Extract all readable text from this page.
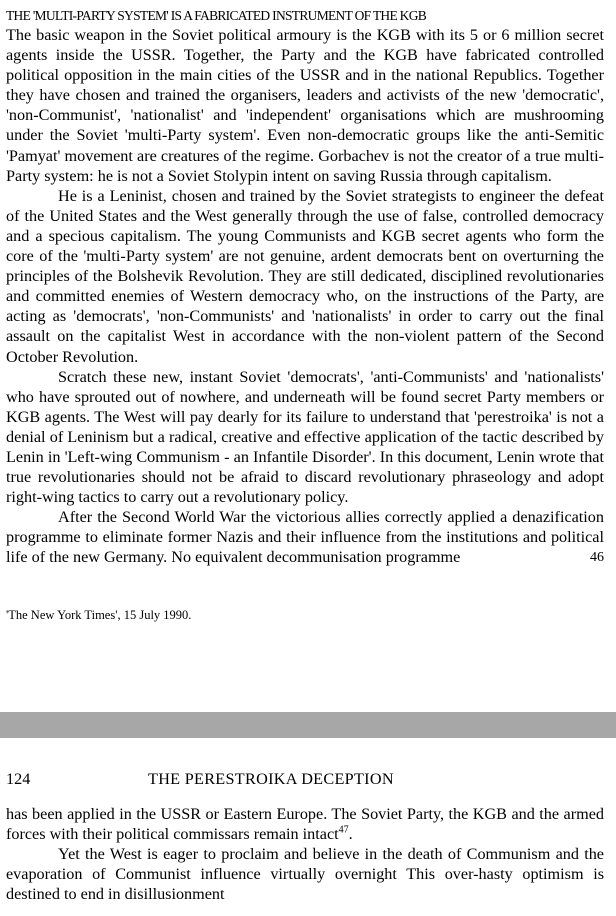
THE 'MULTI-PARTY SYSTEM' IS A FABRICATED INSTRUMENT OF THE KGB

The basic weapon in the Soviet political armoury is the KGB with its 5 or 6 million secret agents inside the USSR. Together, the Party and the KGB have fabricated controlled political opposition in the main cities of the USSR and in the national Republics. Together they have chosen and trained the organisers, leaders and activists of the new 'democratic', 'non-Communist', 'nationalist' and 'independent' organisations which are mushrooming under the Soviet 'multi-Party system'. Even non-democratic groups like the anti-Semitic 'Pamyat' movement are creatures of the regime. Gorbachev is not the creator of a true multi-Party system: he is not a Soviet Stolypin intent on saving Russia through capitalism.

He is a Leninist, chosen and trained by the Soviet strategists to engineer the defeat of the United States and the West generally through the use of false, controlled democracy and a specious capitalism. The young Communists and KGB secret agents who form the core of the 'multi-Party system' are not genuine, ardent democrats bent on overturning the principles of the Bolshevik Revolution. They are still dedicated, disciplined revolutionaries and committed enemies of Western democracy who, on the instructions of the Party, are acting as 'democrats', 'non-Communists' and 'nationalists' in order to carry out the final assault on the capitalist West in accordance with the non-violent pattern of the Second October Revolution.

Scratch these new, instant Soviet 'democrats', 'anti-Communists' and 'nationalists' who have sprouted out of nowhere, and underneath will be found secret Party members or KGB agents. The West will pay dearly for its failure to understand that 'perestroika' is not a denial of Leninism but a radical, creative and effective application of the tactic described by Lenin in 'Left-wing Communism - an Infantile Disorder'. In this document, Lenin wrote that true revolutionaries should not be afraid to discard revolutionary phraseology and adopt right-wing tactics to carry out a revolutionary policy.

After the Second World War the victorious allies correctly applied a denazification programme to eliminate former Nazis and their influence from the institutions and political life of the new Germany. No equivalent decommunisation programme	46

'The New York Times', 15 July 1990.
124	THE PERESTROIKA DECEPTION

has been applied in the USSR or Eastern Europe. The Soviet Party, the KGB and the armed forces with their political commissars remain intact$^{47}$.

Yet the West is eager to proclaim and believe in the death of Communism and the evaporation of Communist influence virtually overnight This over-hasty optimism is destined to end in disillusionment
